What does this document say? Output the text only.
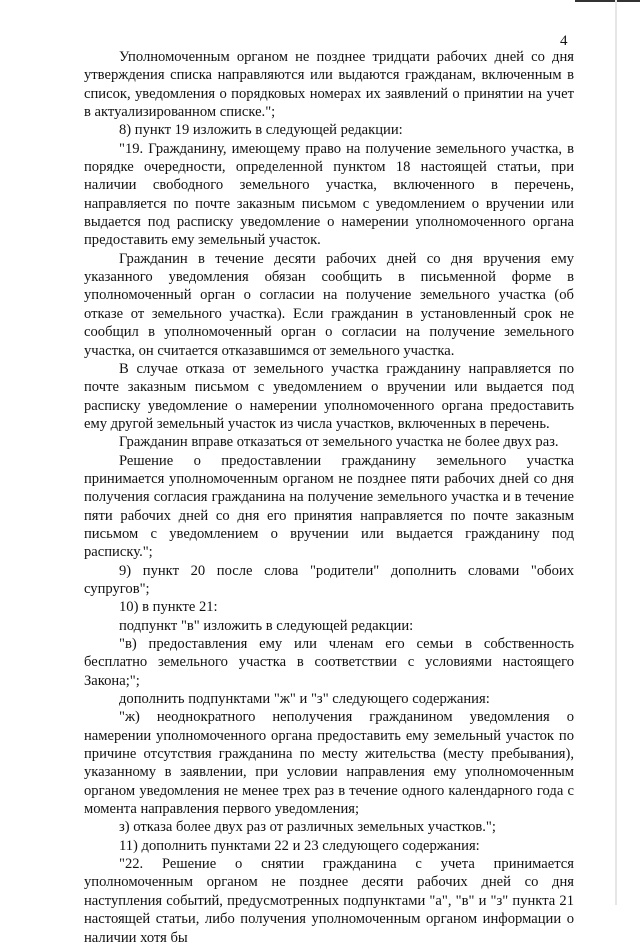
4

Уполномоченным органом не позднее тридцати рабочих дней со дня утверждения списка направляются или выдаются гражданам, включенным в список, уведомления о порядковых номерах их заявлений о принятии на учет в актуализированном списке.";

8) пункт 19 изложить в следующей редакции:

"19. Гражданину, имеющему право на получение земельного участка, в порядке очередности, определенной пунктом 18 настоящей статьи, при наличии свободного земельного участка, включенного в перечень, направляется по почте заказным письмом с уведомлением о вручении или выдается под расписку уведомление о намерении уполномоченного органа предоставить ему земельный участок.

Гражданин в течение десяти рабочих дней со дня вручения ему указанного уведомления обязан сообщить в письменной форме в уполномоченный орган о согласии на получение земельного участка (об отказе от земельного участка). Если гражданин в установленный срок не сообщил в уполномоченный орган о согласии на получение земельного участка, он считается отказавшимся от земельного участка.

В случае отказа от земельного участка гражданину направляется по почте заказным письмом с уведомлением о вручении или выдается под расписку уведомление о намерении уполномоченного органа предоставить ему другой земельный участок из числа участков, включенных в перечень.

Гражданин вправе отказаться от земельного участка не более двух раз.

Решение о предоставлении гражданину земельного участка принимается уполномоченным органом не позднее пяти рабочих дней со дня получения согласия гражданина на получение земельного участка и в течение пяти рабочих дней со дня его принятия направляется по почте заказным письмом с уведомлением о вручении или выдается гражданину под расписку.";

9) пункт 20 после слова "родители" дополнить словами "обоих супругов";

10) в пункте 21:

подпункт "в" изложить в следующей редакции:

"в) предоставления ему или членам его семьи в собственность бесплатно земельного участка в соответствии с условиями настоящего Закона;";

дополнить подпунктами "ж" и "з" следующего содержания:

"ж) неоднократного неполучения гражданином уведомления о намерении уполномоченного органа предоставить ему земельный участок по причине отсутствия гражданина по месту жительства (месту пребывания), указанному в заявлении, при условии направления ему уполномоченным органом уведомления не менее трех раз в течение одного календарного года с момента направления первого уведомления;

з) отказа более двух раз от различных земельных участков.";

11) дополнить пунктами 22 и 23 следующего содержания:

"22. Решение о снятии гражданина с учета принимается уполномоченным органом не позднее десяти рабочих дней со дня наступления событий, предусмотренных подпунктами "а", "в" и "з" пункта 21 настоящей статьи, либо получения уполномоченным органом информации о наличии хотя бы
